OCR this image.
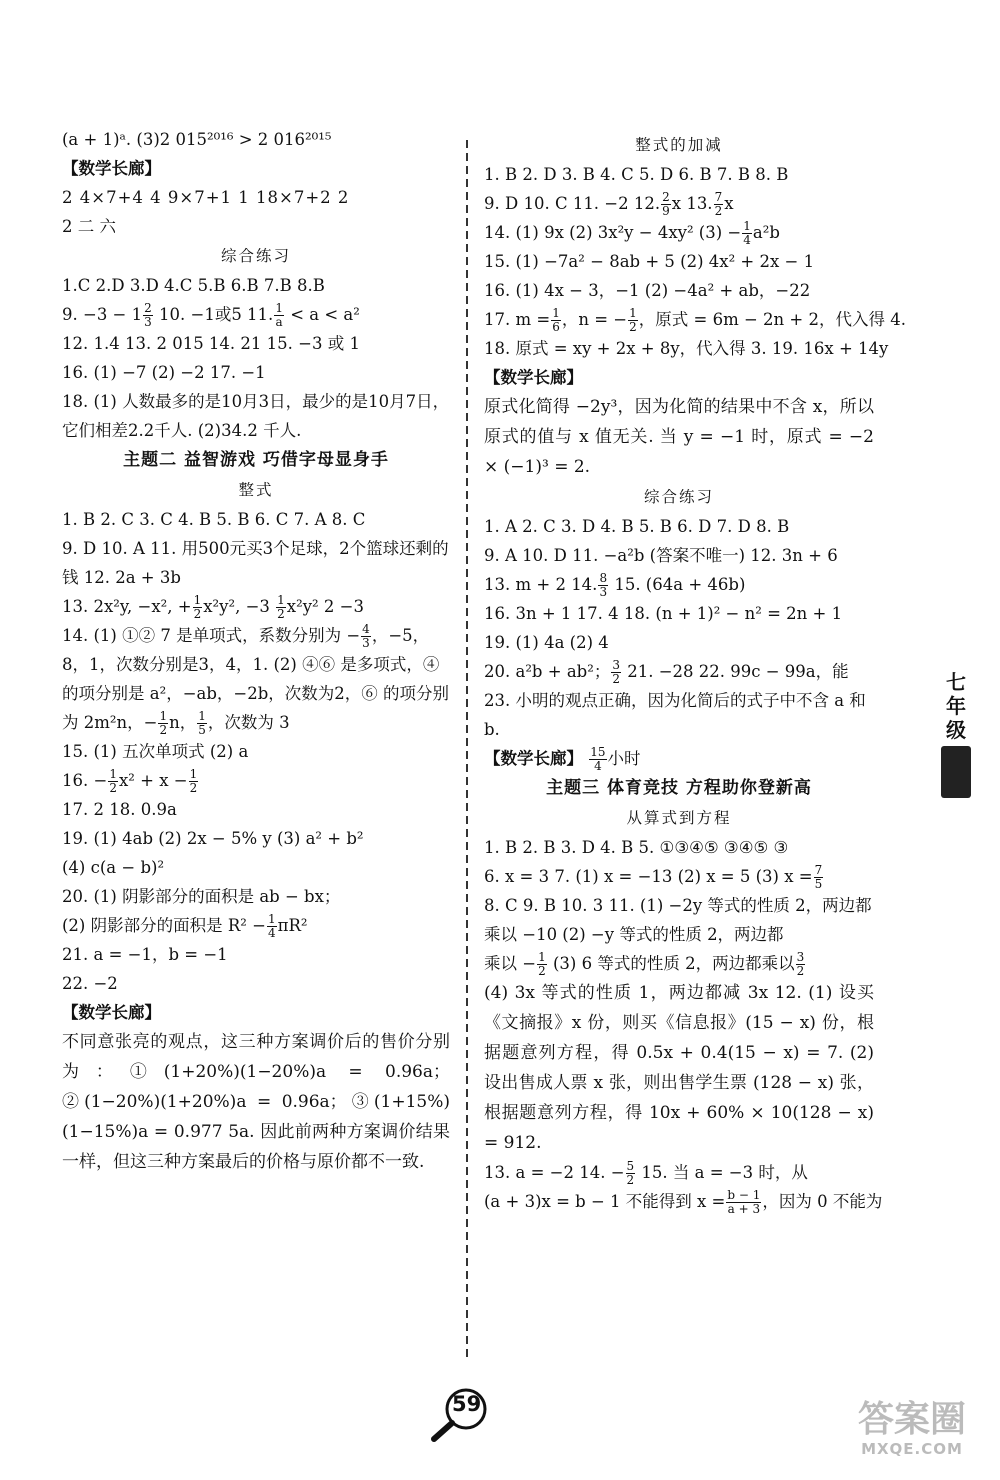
(a + 1)ᵃ. (3)2 015²⁰¹⁶ > 2 016²⁰¹⁵
【数学长廊】
2 4×7+4 4 9×7+1 1 18×7+2 2
2 二 六
综合练习
1.C 2.D 3.D 4.C 5.B 6.B 7.B 8.B
9. $-3 - 1 \frac{2}{3} 10$. −1或5 11. $\frac{1}{a} < a < a^2$
12. 1.4 13. 2 015 14. 21 15. −3 或 1
16. (1) −7 (2) −2 17. −1
18. (1) 人数最多的是10月3日，最少的是10月7日，它们相差2.2千人. (2)34.2 千人.
主题二 益智游戏 巧借字母显身手
整式
1. B 2. C 3. C 4. B 5. B 6. C 7. A 8. C
9. D 10. A 11. 用500元买3个足球，2个篮球还剩的钱 12. 2a + 3b
13. 2x²y, −x², + $\frac{1}{2} x^2y^2$, $-3 \frac{1}{2} x^2y^2$ 2 −3
14. (1) ①② 7 是单项式，系数分别为 − $\frac{4}{3}$ ，−5，8，1，次数分别是3，4，1. (2) ④⑥ 是多项式，④的项分别是 a²，−ab，−2b，次数为2，⑥ 的项分别为 2m²n，− $\frac{1}{2}$ n， $\frac{1}{5}$ ，次数为 3
15. (1) 五次单项式 (2) a
16. − $\frac{1}{2} x^2 + x - \frac{1}{2}$
17. 2 18. 0.9a
19. (1) 4ab (2) 2x − 5% y (3) a² + b²
(4) c(a − b)²
20. (1) 阴影部分的面积是 ab − bx；
(2) 阴影部分的面积是 $R^2 - \frac{1}{4} \pi R^2$
21. a = −1，b = −1
22. −2
【数学长廊】
不同意张亮的观点，这三种方案调价后的售价分别为：①(1+20%)(1−20%)a = 0.96a；②(1−20%)(1+20%)a = 0.96a；③(1+15%)(1−15%)a = 0.977 5a. 因此前两种方案调价结果一样，但这三种方案最后的价格与原价都不一致.
整式的加减
1. B 2. D 3. B 4. C 5. D 6. B 7. B 8. B
9. D 10. C 11. −2 12. $\frac{2}{9}$ x 13. $\frac{7}{2}$ x
14. (1) 9x (2) 3x²y − 4xy² $(3) - \frac{1}{4} a^2b$
15. (1) −7a² − 8ab + 5 (2) 4x² + 2x − 1
16. (1) 4x − 3，−1 (2) −4a² + ab，−22
17. $m = \frac{1}{6}$ ，n = − $\frac{1}{2}$ ，原式 = 6m − 2n + 2，代入得 4.
18. 原式 = xy + 2x + 8y，代入得 3. 19. 16x + 14y
【数学长廊】
原式化简得 −2y³，因为化简的结果中不含 x，所以原式的值与 x 值无关. 当 y = −1 时，原式 = −2 × (−1)³ = 2.
综合练习
1. A 2. C 3. D 4. B 5. B 6. D 7. D 8. B
9. A 10. D 11. −a²b (答案不唯一) 12. 3n + 6
13. m + 2 14. $\frac{8}{3} 15$. (64a + 46b)
16. 3n + 1 17. 4 18. (n + 1)² − n² = 2n + 1
19. (1) 4a (2) 4
20. a²b + ab²； $\frac{3}{2} 21$. −28 22. 99c − 99a，能
23. 小明的观点正确，因为化简后的式子中不含 a 和 b.
【数学长廊】 $\frac{15}{4}$ 小时
主题三 体育竞技 方程助你登新高
从算式到方程
1. B 2. B 3. D 4. B 5. ①③④⑤ ③④⑤ ③
6. x = 3 7. (1) x = −13 (2) x = 5 (3) $x = \frac{7}{5}$
8. C 9. B 10. 3 11. (1) −2y 等式的性质 2，两边都乘以 −10 (2) −y 等式的性质 2，两边都
乘以 − $\frac{1}{2} (3)$ 6 等式的性质 2，两边都乘以 $\frac{3}{2}$
(4) 3x 等式的性质 1，两边都减 3x 12. (1) 设买《文摘报》x 份，则买《信息报》(15 − x) 份，根据题意列方程，得 0.5x + 0.4(15 − x) = 7. (2) 设出售成人票 x 张，则出售学生票 (128 − x) 张，根据题意列方程，得 10x + 60% × 10(128 − x) = 912.
13. a = −2 14. − $\frac{5}{2} 15$. 当 a = −3 时，从
(a + 3)x = b − 1 不能得到 $x = \frac{b - 1}{a + 3}$ ，因为 0 不能为
七
年
级
59	答案圈
MXQE.COM
